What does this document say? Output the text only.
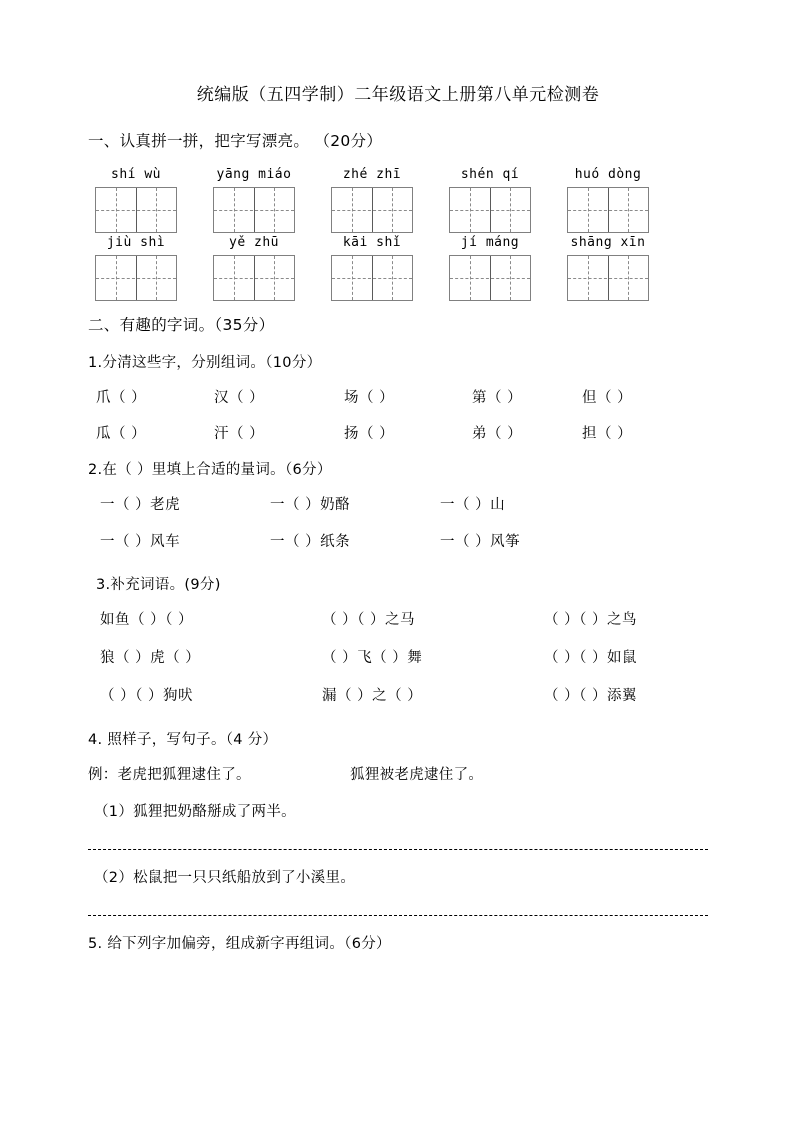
统编版（五四学制）二年级语文上册第八单元检测卷
一、认真拼一拼，把字写漂亮。 （20分）
shí wù	yāng miáo	zhé zhī	shén qí	huó dòng
jiù shì	yě zhū	kāi shǐ	jí máng	shāng xīn
二、有趣的字词。（35分）
1.分清这些字，分别组词。（10分）
爪（ ）	汉（ ）	场（ ）	第（ ）	但（ ）
瓜（ ）	汗（ ）	扬（ ）	弟（ ）	担（ ）
2.在（ ）里填上合适的量词。（6分）
一（ ）老虎	一（ ）奶酪	一（ ）山
一（ ）风车	一（ ）纸条	一（ ）风筝
3.补充词语。(9分)
如鱼（ ）（ ）	（ ）（ ）之马	（ ）（ ）之鸟
狼（ ）虎（ ）	（ ）飞（ ）舞	（ ）（ ）如鼠
（ ）（ ）狗吠	漏（ ）之（ ）	（ ）（ ）添翼
4. 照样子，写句子。（4 分）
例：老虎把狐狸逮住了。	狐狸被老虎逮住了。
（1）狐狸把奶酪掰成了两半。
（2）松鼠把一只只纸船放到了小溪里。
5. 给下列字加偏旁，组成新字再组词。（6分）
